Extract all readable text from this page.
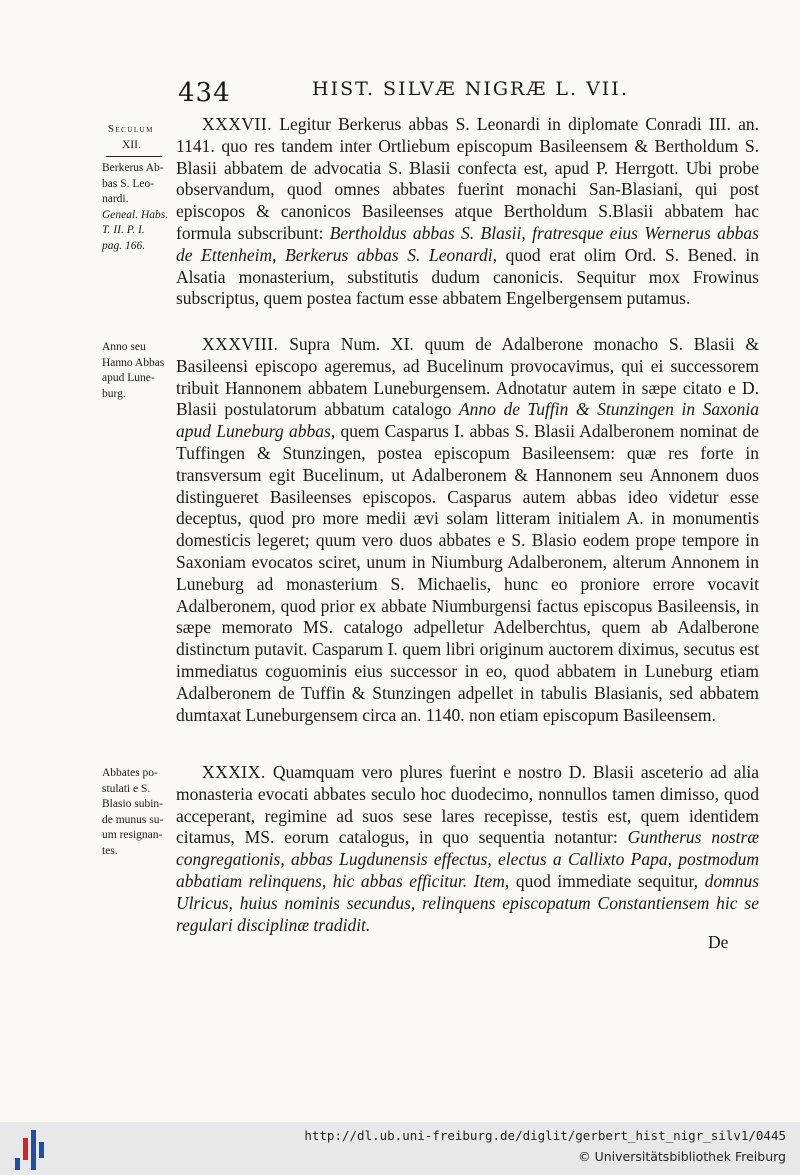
434	HIST. SILVÆ NIGRÆ L. VII.
Seculum
XII.
Berkerus Ab-
bas S. Leo-
nardi.
Geneal. Habs.
T. II. P. I.
pag. 166.
Anno seu
Hanno Abbas
apud Lune-
burg.
Abbates po-
stulati e S.
Blasio subin-
de munus su-
um resignan-
tes.

XXXVII. Legitur Berkerus abbas S. Leonardi in diplomate Conradi III. an. 1141. quo res tandem inter Ortliebum episcopum Basileensem & Bertholdum S. Blasii abbatem de advocatia S. Blasii confecta est, apud P. Herrgott. Ubi probe observandum, quod omnes abbates fuerint monachi San-Blasiani, qui post episcopos & canonicos Basileenses atque Bertholdum S.Blasii abbatem hac formula subscribunt: Bertholdus abbas S. Blasii, fratresque eius Wernerus abbas de Ettenheim, Berkerus abbas S. Leonardi, quod erat olim Ord. S. Bened. in Alsatia monasterium, substitutis dudum canonicis. Sequitur mox Frowinus subscriptus, quem postea factum esse abbatem Engelbergensem putamus.

XXXVIII. Supra Num. XI. quum de Adalberone monacho S. Blasii & Basileensi episcopo ageremus, ad Bucelinum provocavimus, qui ei successorem tribuit Hannonem abbatem Luneburgensem. Adnotatur autem in sæpe citato e D. Blasii postulatorum abbatum catalogo Anno de Tuffin & Stunzingen in Saxonia apud Luneburg abbas, quem Casparus I. abbas S. Blasii Adalberonem nominat de Tuffingen & Stunzingen, postea episcopum Basileensem: quæ res forte in transversum egit Bucelinum, ut Adalberonem & Hannonem seu Annonem duos distingueret Basileenses episcopos. Casparus autem abbas ideo videtur esse deceptus, quod pro more medii ævi solam litteram initialem A. in monumentis domesticis legeret; quum vero duos abbates e S. Blasio eodem prope tempore in Saxoniam evocatos sciret, unum in Niumburg Adalberonem, alterum Annonem in Luneburg ad monasterium S. Michaelis, hunc eo proniore errore vocavit Adalberonem, quod prior ex abbate Niumburgensi factus episcopus Basileensis, in sæpe memorato MS. catalogo adpelletur Adelberchtus, quem ab Adalberone distinctum putavit. Casparum I. quem libri originum auctorem diximus, secutus est immediatus coguominis eius successor in eo, quod abbatem in Luneburg etiam Adalberonem de Tuffin & Stunzingen adpellet in tabulis Blasianis, sed abbatem dumtaxat Luneburgensem circa an. 1140. non etiam episcopum Basileensem.

XXXIX. Quamquam vero plures fuerint e nostro D. Blasii asceterio ad alia monasteria evocati abbates seculo hoc duodecimo, nonnullos tamen dimisso, quod acceperant, regimine ad suos sese lares recepisse, testis est, quem identidem citamus, MS. eorum catalogus, in quo sequentia notantur: Guntherus nostræ congregationis, abbas Lugdunensis effectus, electus a Callixto Papa, postmodum abbatiam relinquens, hic abbas efficitur. Item, quod immediate sequitur, domnus Ulricus, huius nominis secundus, relinquens episcopatum Constantiensem hic se regulari disciplinæ tradidit.

De
http://dl.ub.uni-freiburg.de/diglit/gerbert_hist_nigr_silv1/0445
© Universitätsbibliothek Freiburg
